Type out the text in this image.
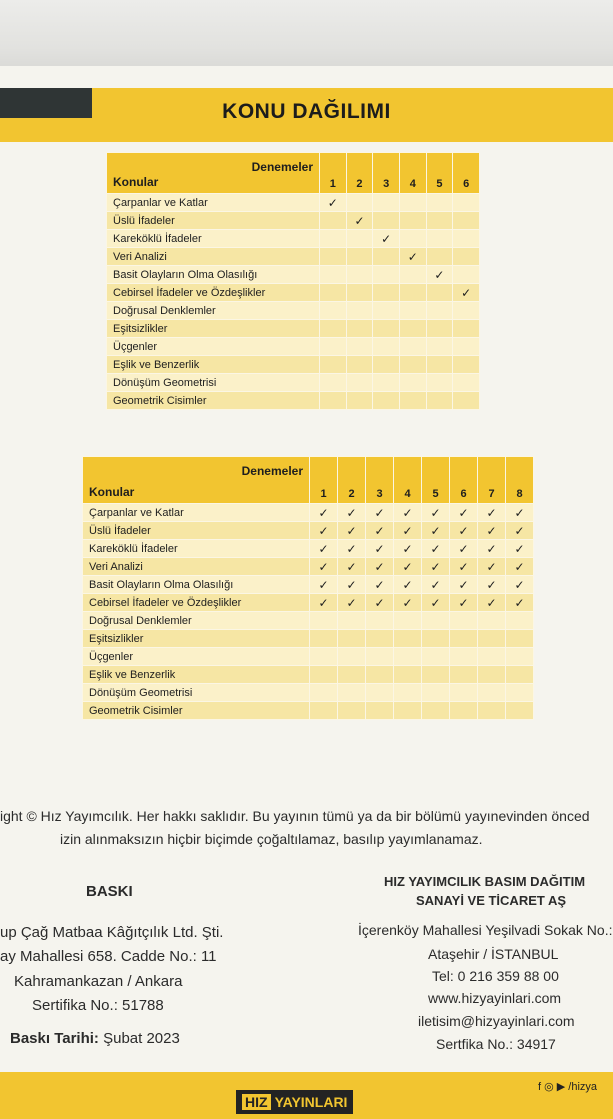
KONU DAĞILIMI
Denemeler
Konular	1	2	3	4	5	6
Çarpanlar ve Katlar	✓					
Üslü İfadeler		✓				
Kareköklü İfadeler			✓			
Veri Analizi				✓		
Basit Olayların Olma Olasılığı					✓	
Cebirsel İfadeler ve Özdeşlikler						✓
Doğrusal Denklemler						
Eşitsizlikler						
Üçgenler						
Eşlik ve Benzerlik						
Dönüşüm Geometrisi						
Geometrik Cisimler						
Denemeler
Konular	1	2	3	4	5	6	7	8
Çarpanlar ve Katlar	✓	✓	✓	✓	✓	✓	✓	✓
Üslü İfadeler	✓	✓	✓	✓	✓	✓	✓	✓
Kareköklü İfadeler	✓	✓	✓	✓	✓	✓	✓	✓
Veri Analizi	✓	✓	✓	✓	✓	✓	✓	✓
Basit Olayların Olma Olasılığı	✓	✓	✓	✓	✓	✓	✓	✓
Cebirsel İfadeler ve Özdeşlikler	✓	✓	✓	✓	✓	✓	✓	✓
Doğrusal Denklemler								
Eşitsizlikler								
Üçgenler								
Eşlik ve Benzerlik								
Dönüşüm Geometrisi								
Geometrik Cisimler								
ight © Hız Yayımcılık. Her hakkı saklıdır. Bu yayının tümü ya da bir bölümü yayınevinden önced
izin alınmaksızın hiçbir biçimde çoğaltılamaz, basılıp yayımlanamaz.
BASKI
up Çağ Matbaa Kâğıtçılık Ltd. Şti.
ay Mahallesi 658. Cadde No.: 11
Kahramankazan / Ankara
Sertifika No.: 51788
Baskı Tarihi: Şubat 2023
HIZ YAYIMCILIK BASIM DAĞITIM
SANAYİ VE TİCARET AŞ
İçerenköy Mahallesi Yeşilvadi Sokak No.:
Ataşehir / İSTANBUL
Tel: 0 216 359 88 00
www.hizyayinlari.com
iletisim@hizyayinlari.com
Sertfika No.: 34917
HIZ YAYINLARI
f ◎ ▶ /hizya
